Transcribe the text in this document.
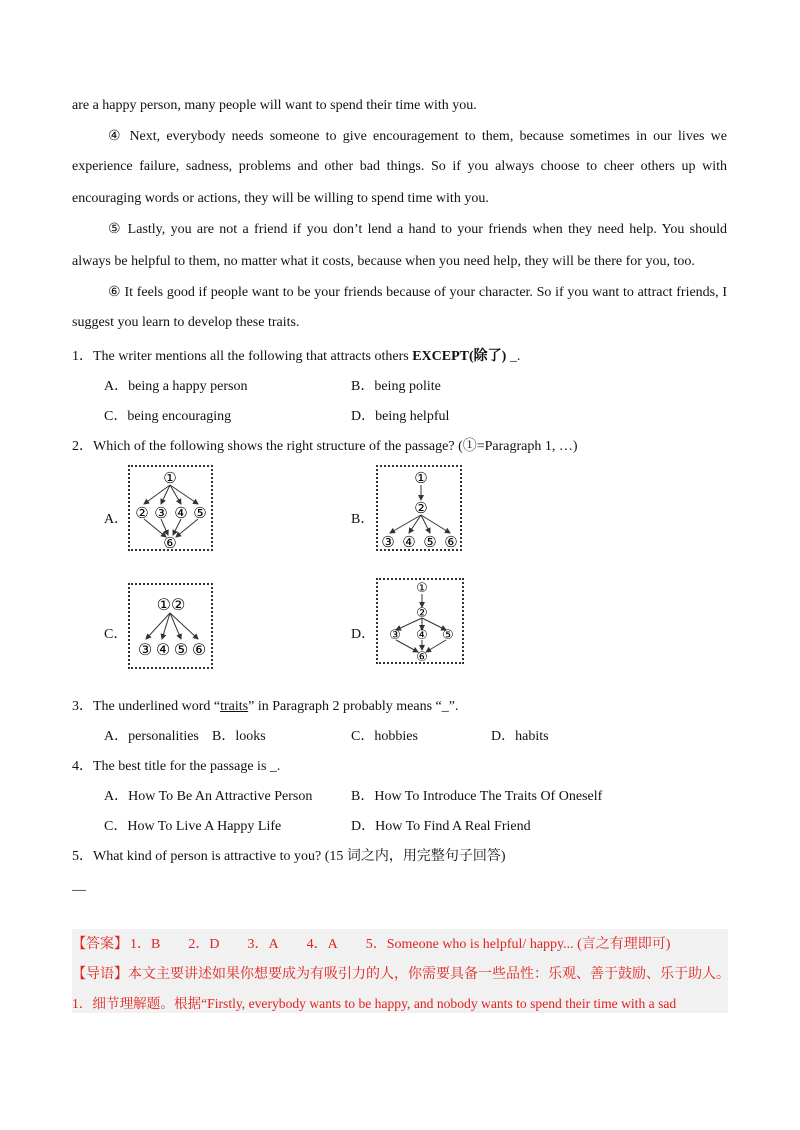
are a happy person, many people will want to spend their time with you.
④ Next, everybody needs someone to give encouragement to them, because sometimes in our lives we
experience failure, sadness, problems and other bad things. So if you always choose to cheer others up with
encouraging words or actions, they will be willing to spend time with you.
⑤ Lastly, you are not a friend if you don’t lend a hand to your friends when they need help. You should
always be helpful to them, no matter what it costs, because when you need help, they will be there for you, too.
⑥ It feels good if people want to be your friends because of your character. So if you want to attract friends, I
suggest you learn to develop these traits.
1．The writer mentions all the following that attracts others EXCEPT(除了) _.
A．being a happy person	B．being polite
C．being encouraging	D．being helpful
2．Which of the following shows the right structure of the passage? (①=Paragraph 1, …)
A．	B．
C．	D．
①
② ③ ④ ⑤
⑥
①
②
③ ④ ⑤ ⑥
①②
③ ④ ⑤ ⑥
①
②
③ ④ ⑤
⑥
3．The underlined word “traits” in Paragraph 2 probably means “_”.
A．personalities B．looks	C．hobbies	D．habits
4．The best title for the passage is _.
A．How To Be An Attractive Person	B．How To Introduce The Traits Of Oneself
C．How To Live A Happy Life	D．How To Find A Real Friend
5．What kind of person is attractive to you? (15 词之内，用完整句子回答)
__
【答案】 1．B 2．D 3．A 4．A 5．Someone who is helpful/ happy... (言之有理即可)
【导语】本文主要讲述如果你想要成为有吸引力的人，你需要具备一些品性：乐观、善于鼓励、乐于助人。
1．细节理解题。根据“Firstly, everybody wants to be happy, and nobody wants to spend their time with a sad
